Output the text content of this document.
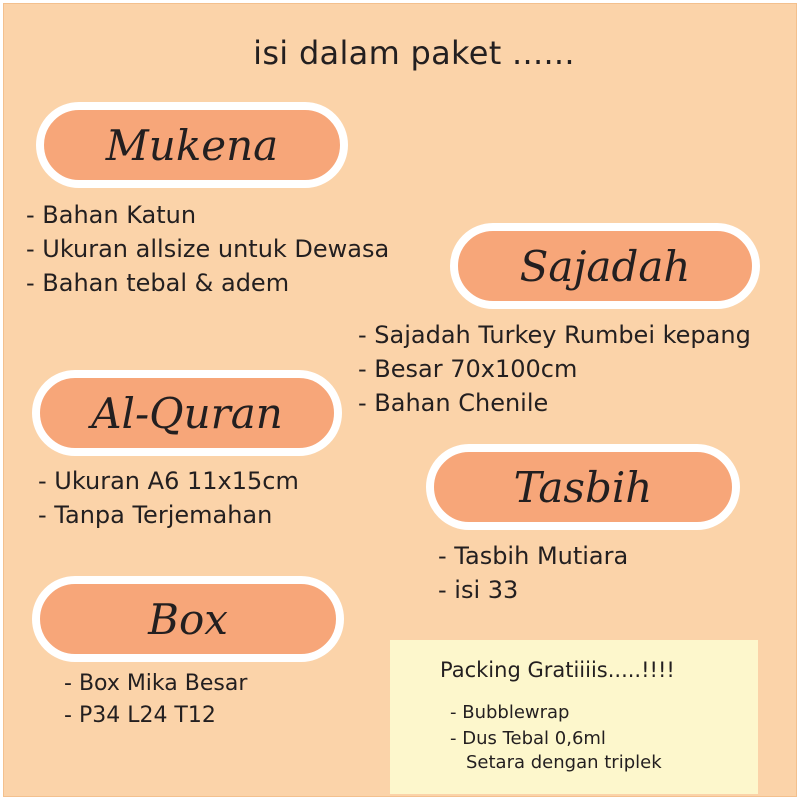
isi dalam paket ......
Mukena
- Bahan Katun
- Ukuran allsize untuk Dewasa
- Bahan tebal & adem	Sajadah
- Sajadah Turkey Rumbei kepang
- Besar 70x100cm
- Bahan Chenile
Al-Quran
- Ukuran A6 11x15cm
- Tanpa Terjemahan
Tasbih
- Tasbih Mutiara
- isi 33
Box
- Box Mika Besar
- P34 L24 T12
Packing Gratiiiis.....!!!!
- Bubblewrap
- Dus Tebal 0,6ml
Setara dengan triplek
